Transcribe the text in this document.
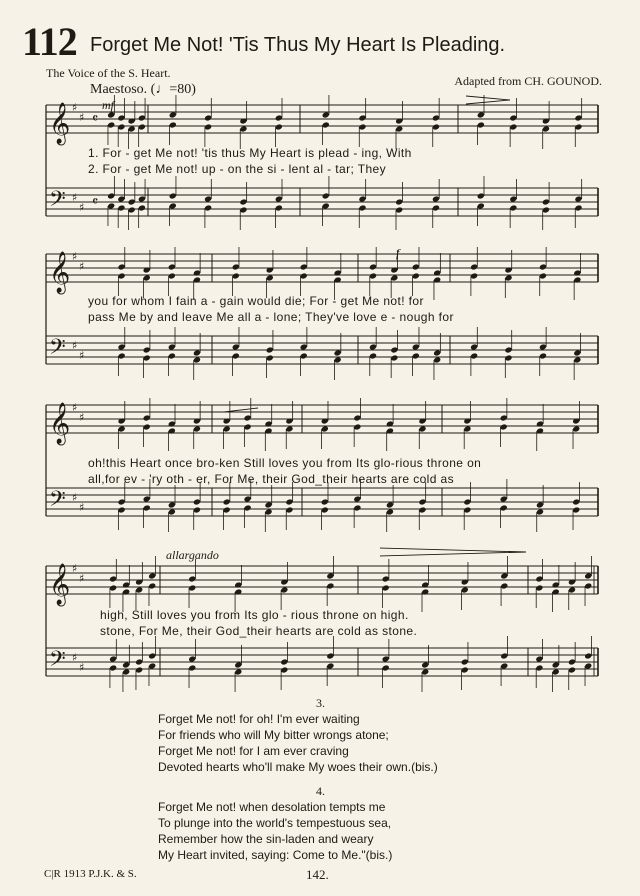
112 Forget Me Not! 'Tis Thus My Heart Is Pleading.
The Voice of the S. Heart.
Adapted from CH. GOUNOD.
Maestoso. (♩=80)
𝄞 ♯
♯ 𝄴
𝄢 ♯
♯ 𝄴
𝄞 ♯
♯
𝄢 ♯
♯
𝄞 ♯
♯
𝄢 ♯
♯
𝄞 ♯
♯
𝄢 ♯
♯
mf
f
allargando
1. For - get Me not! 'tis thus My Heart is plead - ing, With
2. For - get Me not! up - on the si - lent al - tar; They
you for whom I fain a - gain would die; For - get Me not! for
pass Me by and leave Me all a - lone; They've love e - nough for
oh!this Heart once bro-ken Still loves you from Its glo-rious throne on
all,for ev - 'ry oth - er, For Me, their God_their hearts are cold as
high, Still loves you from Its glo - rious throne on high.
stone, For Me, their God_their hearts are cold as stone.
3.
Forget Me not! for oh! I'm ever waiting
For friends who will My bitter wrongs atone;
Forget Me not! for I am ever craving
Devoted hearts who'll make My woes their own.(bis.)
4.
Forget Me not! when desolation tempts me
To plunge into the world's tempestuous sea,
Remember how the sin-laden and weary
My Heart invited, saying: Come to Me."(bis.)
C|R 1913 P.J.K. & S.	142.
